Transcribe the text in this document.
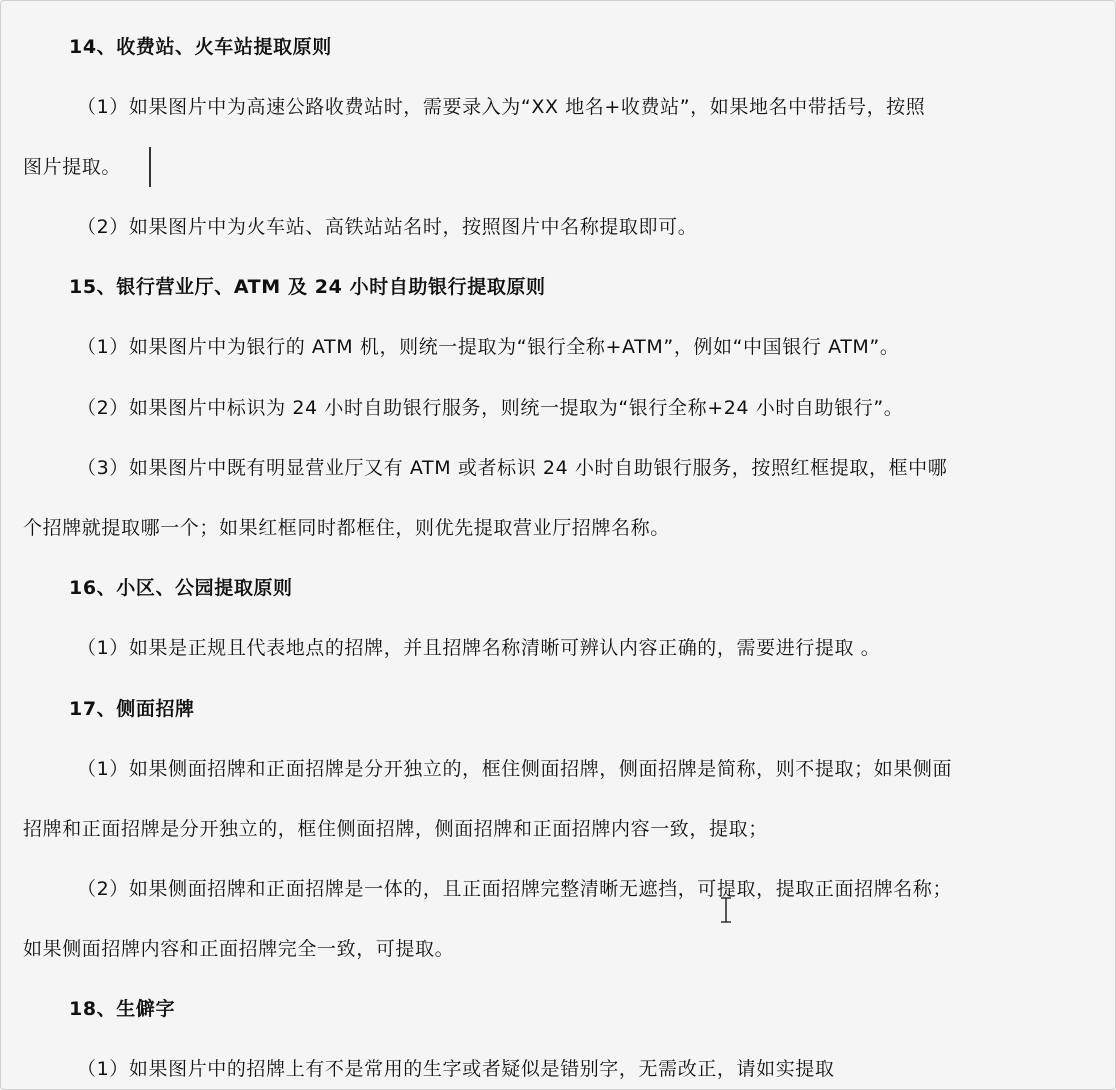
14、收费站、火车站提取原则
（1）如果图片中为高速公路收费站时，需要录入为“XX 地名+收费站”，如果地名中带括号，按照
图片提取。
（2）如果图片中为火车站、高铁站站名时，按照图片中名称提取即可。
15、银行营业厅、ATM 及 24 小时自助银行提取原则
（1）如果图片中为银行的 ATM 机，则统一提取为“银行全称+ATM”，例如“中国银行 ATM”。
（2）如果图片中标识为 24 小时自助银行服务，则统一提取为“银行全称+24 小时自助银行”。
（3）如果图片中既有明显营业厅又有 ATM 或者标识 24 小时自助银行服务，按照红框提取，框中哪
个招牌就提取哪一个；如果红框同时都框住，则优先提取营业厅招牌名称。
16、小区、公园提取原则
（1）如果是正规且代表地点的招牌，并且招牌名称清晰可辨认内容正确的，需要进行提取 。
17、侧面招牌
（1）如果侧面招牌和正面招牌是分开独立的，框住侧面招牌，侧面招牌是简称，则不提取；如果侧面
招牌和正面招牌是分开独立的，框住侧面招牌，侧面招牌和正面招牌内容一致，提取；
（2）如果侧面招牌和正面招牌是一体的，且正面招牌完整清晰无遮挡，可提取，提取正面招牌名称；
如果侧面招牌内容和正面招牌完全一致，可提取。
18、生僻字
（1）如果图片中的招牌上有不是常用的生字或者疑似是错别字，无需改正，请如实提取
